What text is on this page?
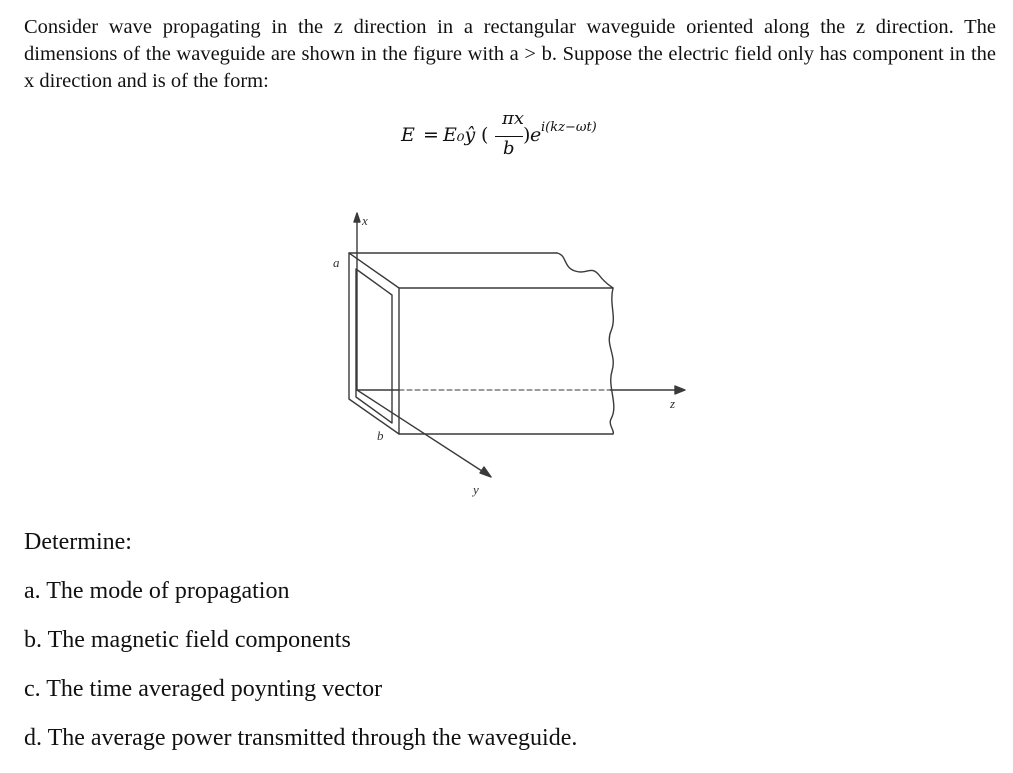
Consider wave propagating in the z direction in a rectangular waveguide oriented along the z direction. The dimensions of the waveguide are shown in the figure with a > b. Suppose the electric field only has component in the x direction and is of the form:

E = E₀ŷ (
πx
b
) e i(kz−ωt)
x
a
b
y
z
Determine:
a. The mode of propagation
b. The magnetic field components
c. The time averaged poynting vector
d. The average power transmitted through the waveguide.
